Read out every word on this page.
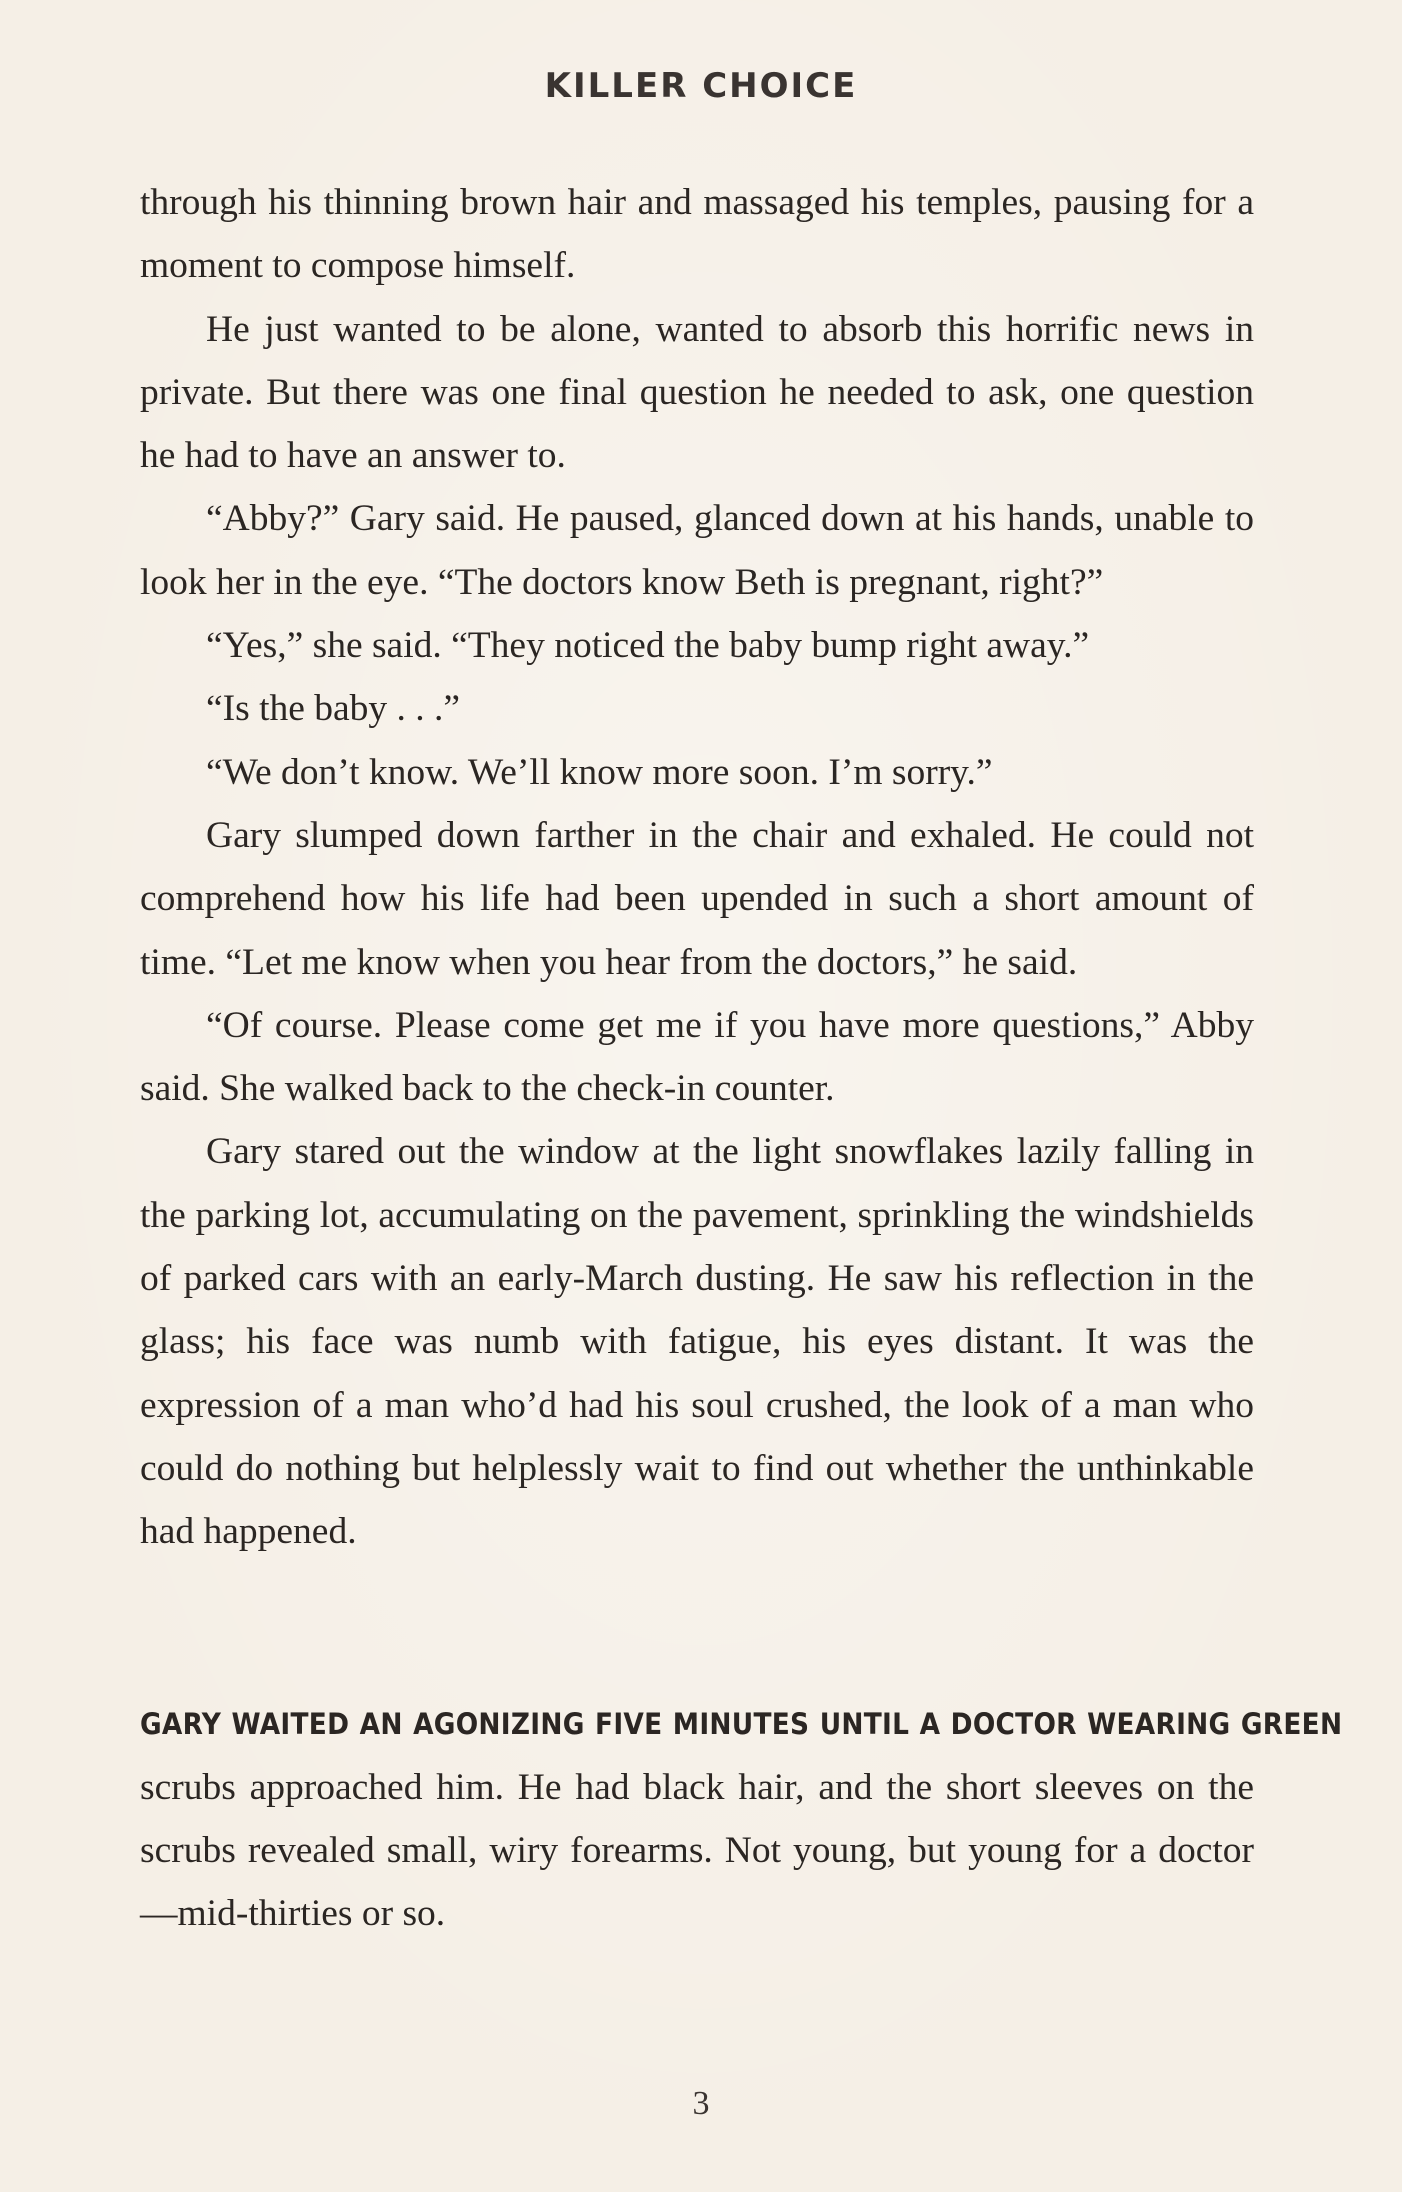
KILLER CHOICE

through his thinning brown hair and massaged his temples, pausing for a moment to compose himself.

He just wanted to be alone, wanted to absorb this horrific news in private. But there was one final question he needed to ask, one question he had to have an answer to.

“Abby?” Gary said. He paused, glanced down at his hands, unable to look her in the eye. “The doctors know Beth is pregnant, right?”

“Yes,” she said. “They noticed the baby bump right away.”

“Is the baby . . .”

“We don’t know. We’ll know more soon. I’m sorry.”

Gary slumped down farther in the chair and exhaled. He could not comprehend how his life had been upended in such a short amount of time. “Let me know when you hear from the doctors,” he said.

“Of course. Please come get me if you have more questions,” Abby said. She walked back to the check-in counter.

Gary stared out the window at the light snowflakes lazily falling in the parking lot, accumulating on the pavement, sprinkling the windshields of parked cars with an early-March dusting. He saw his reflection in the glass; his face was numb with fatigue, his eyes distant. It was the expression of a man who’d had his soul crushed, the look of a man who could do nothing but helplessly wait to find out whether the unthinkable had happened.

GARY WAITED AN AGONIZING FIVE MINUTES UNTIL A DOCTOR WEARING GREEN

scrubs approached him. He had black hair, and the short sleeves on the scrubs revealed small, wiry forearms. Not young, but young for a doctor—mid-thirties or so.

3
